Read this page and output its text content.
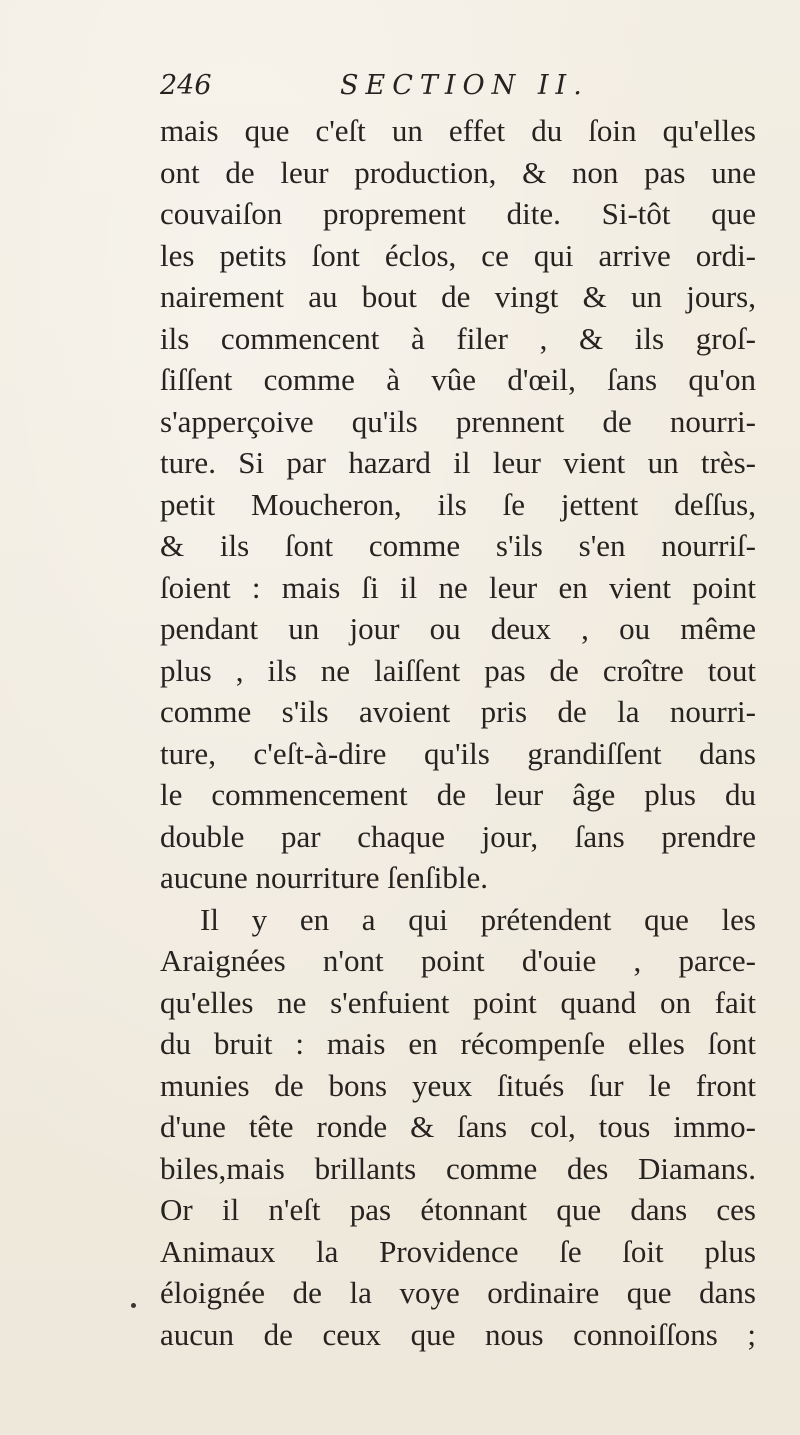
246	SECTION II.
mais que c'eſt un effet du ſoin qu'elles
ont de leur production, & non pas une
couvaiſon proprement dite. Si-tôt que
les petits ſont éclos, ce qui arrive ordi-
nairement au bout de vingt & un jours,
ils commencent à filer , & ils groſ-
ſiſſent comme à vûe d'œil, ſans qu'on
s'apperçoive qu'ils prennent de nourri-
ture. Si par hazard il leur vient un très-
petit Moucheron, ils ſe jettent deſſus,
& ils ſont comme s'ils s'en nourriſ-
ſoient : mais ſi il ne leur en vient point
pendant un jour ou deux , ou même
plus , ils ne laiſſent pas de croître tout
comme s'ils avoient pris de la nourri-
ture, c'eſt-à-dire qu'ils grandiſſent dans
le commencement de leur âge plus du
double par chaque jour, ſans prendre
aucune nourriture ſenſible.
Il y en a qui prétendent que les
Araignées n'ont point d'ouie , parce-
qu'elles ne s'enfuient point quand on fait
du bruit : mais en récompenſe elles ſont
munies de bons yeux ſitués ſur le front
d'une tête ronde & ſans col, tous immo-
biles,mais brillants comme des Diamans.
Or il n'eſt pas étonnant que dans ces
Animaux la Providence ſe ſoit plus
éloignée de la voye ordinaire que dans
aucun de ceux que nous connoiſſons ;
